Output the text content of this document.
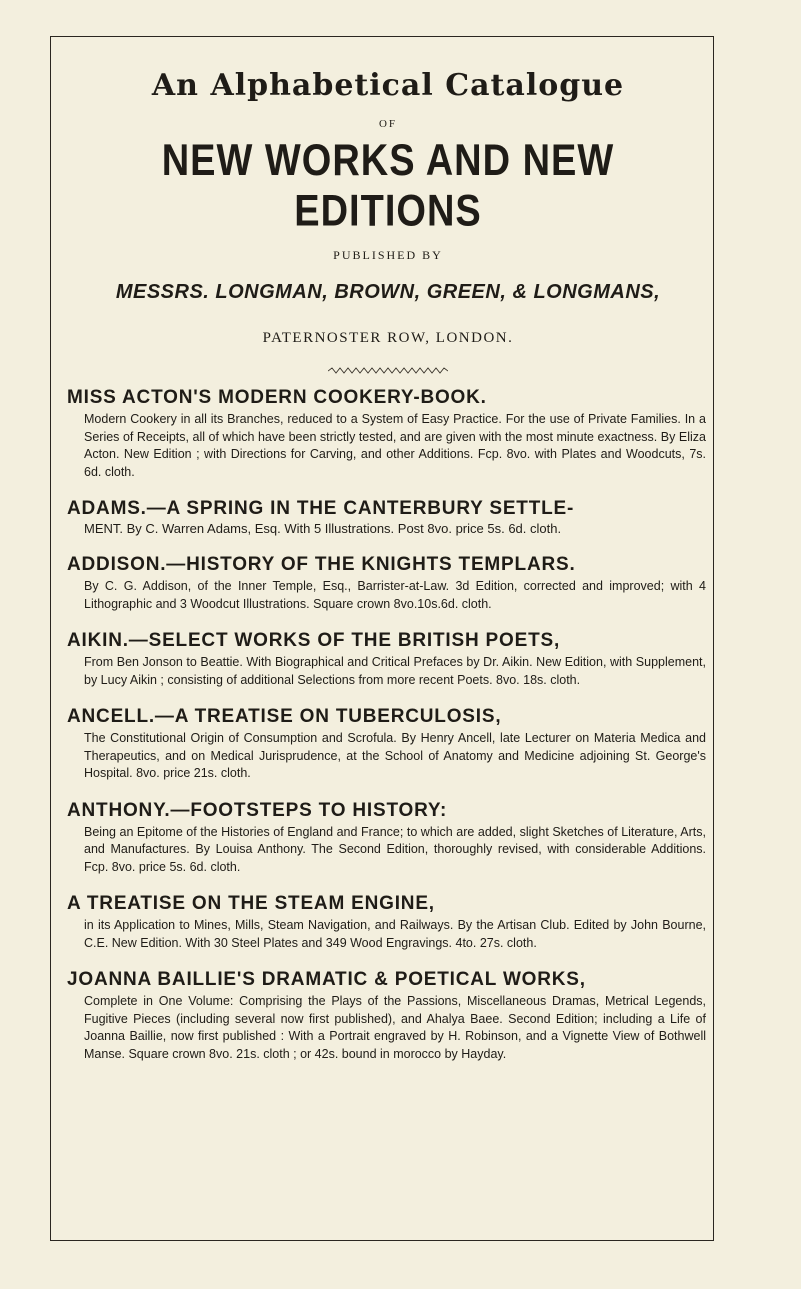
An Alphabetical Catalogue
OF
NEW WORKS AND NEW EDITIONS
PUBLISHED BY
MESSRS. LONGMAN, BROWN, GREEN, & LONGMANS,
PATERNOSTER ROW, LONDON.
MISS ACTON'S MODERN COOKERY-BOOK.
Modern Cookery in all its Branches, reduced to a System of Easy Practice. For the use of Private Families. In a Series of Receipts, all of which have been strictly tested, and are given with the most minute exactness. By Eliza Acton. New Edition ; with Directions for Carving, and other Additions. Fcp. 8vo. with Plates and Woodcuts, 7s. 6d. cloth.
ADAMS.—A SPRING IN THE CANTERBURY SETTLE-
MENT. By C. Warren Adams, Esq. With 5 Illustrations. Post 8vo. price 5s. 6d. cloth.
ADDISON.—HISTORY OF THE KNIGHTS TEMPLARS.
By C. G. Addison, of the Inner Temple, Esq., Barrister-at-Law. 3d Edition, corrected and improved; with 4 Lithographic and 3 Woodcut Illustrations. Square crown 8vo.10s.6d. cloth.
AIKIN.—SELECT WORKS OF THE BRITISH POETS,
From Ben Jonson to Beattie. With Biographical and Critical Prefaces by Dr. Aikin. New Edition, with Supplement, by Lucy Aikin ; consisting of additional Selections from more recent Poets. 8vo. 18s. cloth.
ANCELL.—A TREATISE ON TUBERCULOSIS,
The Constitutional Origin of Consumption and Scrofula. By Henry Ancell, late Lecturer on Materia Medica and Therapeutics, and on Medical Jurisprudence, at the School of Anatomy and Medicine adjoining St. George's Hospital. 8vo. price 21s. cloth.
ANTHONY.—FOOTSTEPS TO HISTORY:
Being an Epitome of the Histories of England and France; to which are added, slight Sketches of Literature, Arts, and Manufactures. By Louisa Anthony. The Second Edition, thoroughly revised, with considerable Additions. Fcp. 8vo. price 5s. 6d. cloth.
A TREATISE ON THE STEAM ENGINE,
in its Application to Mines, Mills, Steam Navigation, and Railways. By the Artisan Club. Edited by John Bourne, C.E. New Edition. With 30 Steel Plates and 349 Wood Engravings. 4to. 27s. cloth.
JOANNA BAILLIE'S DRAMATIC & POETICAL WORKS,
Complete in One Volume: Comprising the Plays of the Passions, Miscellaneous Dramas, Metrical Legends, Fugitive Pieces (including several now first published), and Ahalya Baee. Second Edition; including a Life of Joanna Baillie, now first published : With a Portrait engraved by H. Robinson, and a Vignette View of Bothwell Manse. Square crown 8vo. 21s. cloth ; or 42s. bound in morocco by Hayday.
